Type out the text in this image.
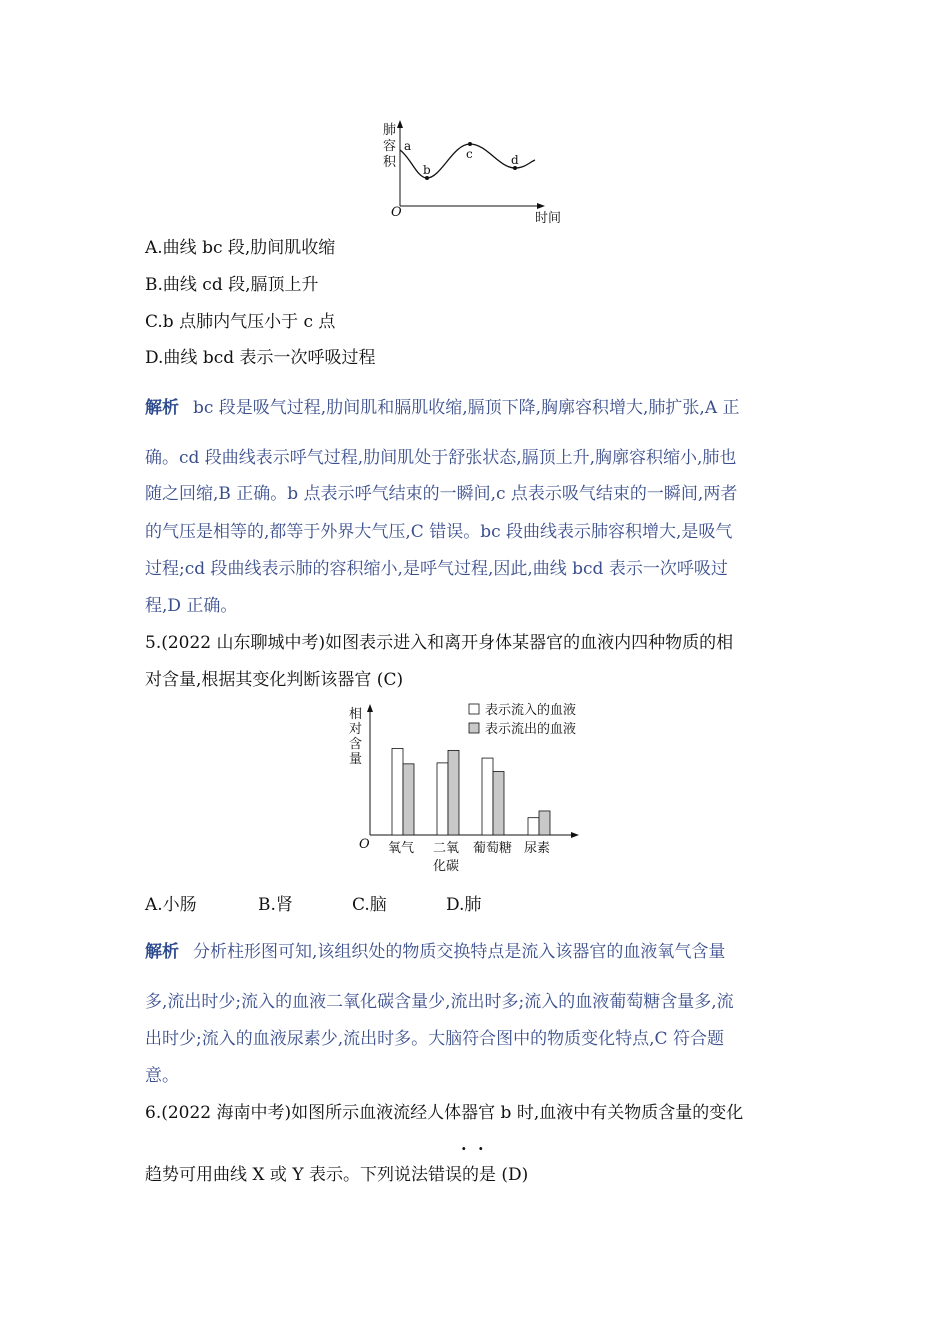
肺
容
积
O	时间
a
b
c	d
A.曲线 bc 段,肋间肌收缩
B.曲线 cd 段,膈顶上升
C.b 点肺内气压小于 c 点
D.曲线 bcd 表示一次呼吸过程
解析 bc 段是吸气过程,肋间肌和膈肌收缩,膈顶下降,胸廓容积增大,肺扩张,A 正
确。cd 段曲线表示呼气过程,肋间肌处于舒张状态,膈顶上升,胸廓容积缩小,肺也
随之回缩,B 正确。b 点表示呼气结束的一瞬间,c 点表示吸气结束的一瞬间,两者
的气压是相等的,都等于外界大气压,C 错误。bc 段曲线表示肺容积增大,是吸气
过程;cd 段曲线表示肺的容积缩小,是呼气过程,因此,曲线 bcd 表示一次呼吸过
程,D 正确。
5.(2022 山东聊城中考)如图表示进入和离开身体某器官的血液内四种物质的相
对含量,根据其变化判断该器官 (C)
相
对
含
量
O
表示流入的血液
表示流出的血液
氧气 二氧
化碳
葡萄糖 尿素
A.小肠	B.肾	C.脑	D.肺
解析 分析柱形图可知,该组织处的物质交换特点是流入该器官的血液氧气含量
多,流出时少;流入的血液二氧化碳含量少,流出时多;流入的血液葡萄糖含量多,流
出时少;流入的血液尿素少,流出时多。大脑符合图中的物质变化特点,C 符合题
意。
6.(2022 海南中考)如图所示血液流经人体器官 b 时,血液中有关物质含量的变化
· ·
趋势可用曲线 X 或 Y 表示。下列说法错误的是 (D)
